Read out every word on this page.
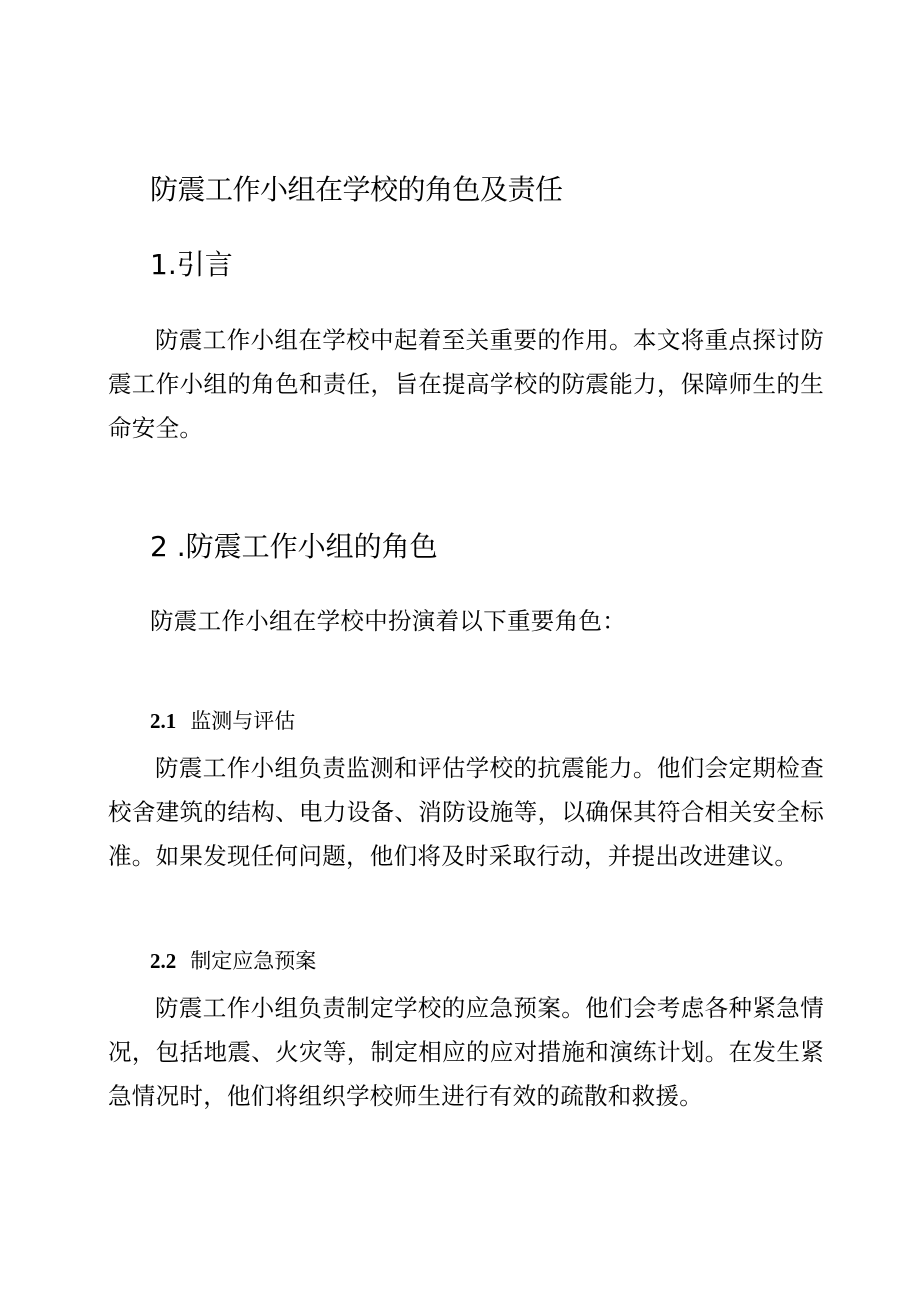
防震工作小组在学校的角色及责任
1.引言
防震工作小组在学校中起着至关重要的作用。本文将重点探讨防震工作小组的角色和责任，旨在提高学校的防震能力，保障师生的生命安全。
2 .防震工作小组的角色
防震工作小组在学校中扮演着以下重要角色：
2.1 监测与评估
防震工作小组负责监测和评估学校的抗震能力。他们会定期检查校舍建筑的结构、电力设备、消防设施等，以确保其符合相关安全标准。如果发现任何问题，他们将及时采取行动，并提出改进建议。
2.2 制定应急预案
防震工作小组负责制定学校的应急预案。他们会考虑各种紧急情况，包括地震、火灾等，制定相应的应对措施和演练计划。在发生紧急情况时，他们将组织学校师生进行有效的疏散和救援。
